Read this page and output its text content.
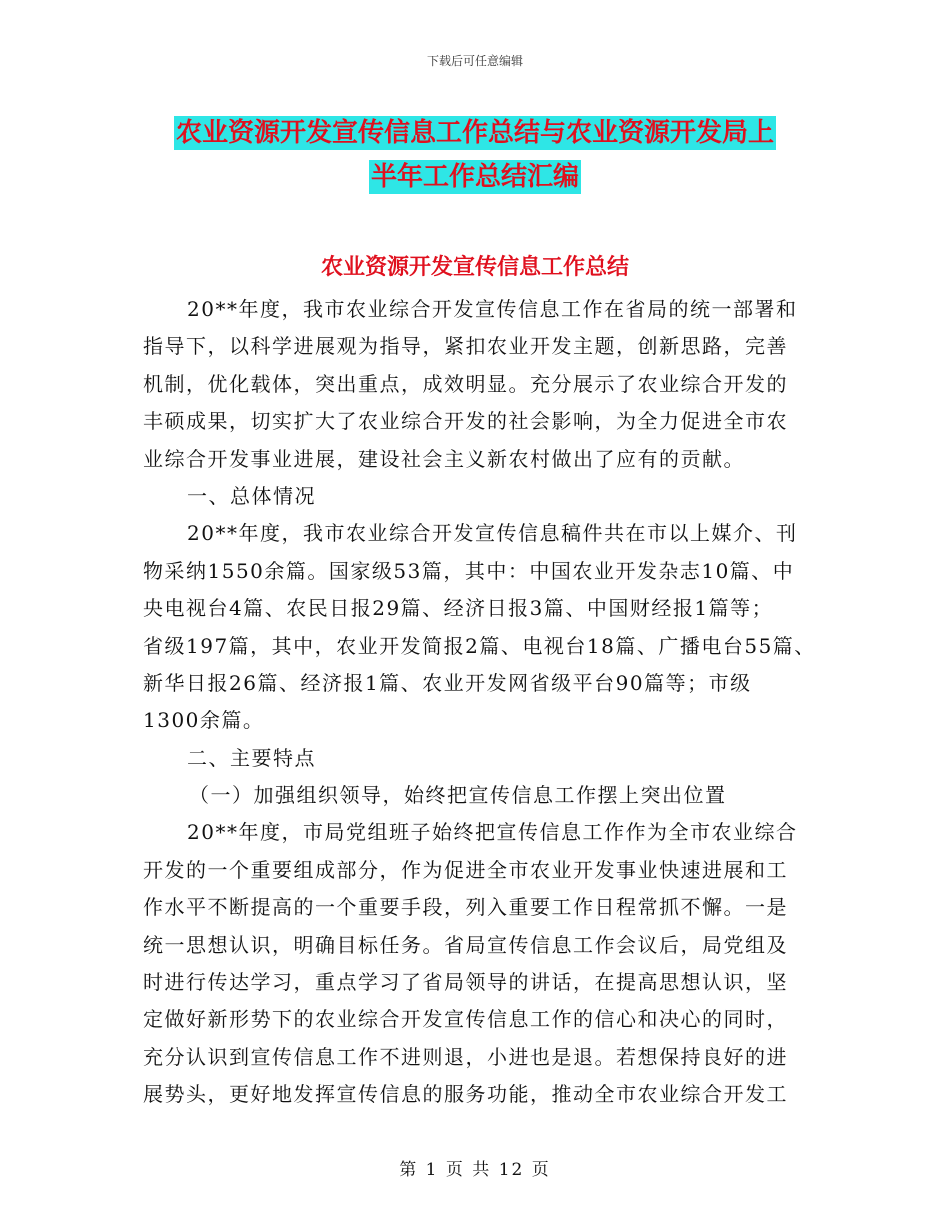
下载后可任意编辑
农业资源开发宣传信息工作总结与农业资源开发局上
半年工作总结汇编
农业资源开发宣传信息工作总结
20**年度，我市农业综合开发宣传信息工作在省局的统一部署和
指导下，以科学进展观为指导，紧扣农业开发主题，创新思路，完善
机制，优化载体，突出重点，成效明显。充分展示了农业综合开发的
丰硕成果，切实扩大了农业综合开发的社会影响，为全力促进全市农
业综合开发事业进展，建设社会主义新农村做出了应有的贡献。
一、总体情况
20**年度，我市农业综合开发宣传信息稿件共在市以上媒介、刊
物采纳1550余篇。国家级53篇，其中：中国农业开发杂志10篇、中
央电视台4篇、农民日报29篇、经济日报3篇、中国财经报1篇等；
省级197篇，其中，农业开发简报2篇、电视台18篇、广播电台55篇、
新华日报26篇、经济报1篇、农业开发网省级平台90篇等；市级
1300余篇。
二、主要特点
（一）加强组织领导，始终把宣传信息工作摆上突出位置
20**年度，市局党组班子始终把宣传信息工作作为全市农业综合
开发的一个重要组成部分，作为促进全市农业开发事业快速进展和工
作水平不断提高的一个重要手段，列入重要工作日程常抓不懈。一是
统一思想认识，明确目标任务。省局宣传信息工作会议后，局党组及
时进行传达学习，重点学习了省局领导的讲话，在提高思想认识，坚
定做好新形势下的农业综合开发宣传信息工作的信心和决心的同时，
充分认识到宣传信息工作不进则退，小进也是退。若想保持良好的进
展势头，更好地发挥宣传信息的服务功能，推动全市农业综合开发工
第 1 页 共 12 页
